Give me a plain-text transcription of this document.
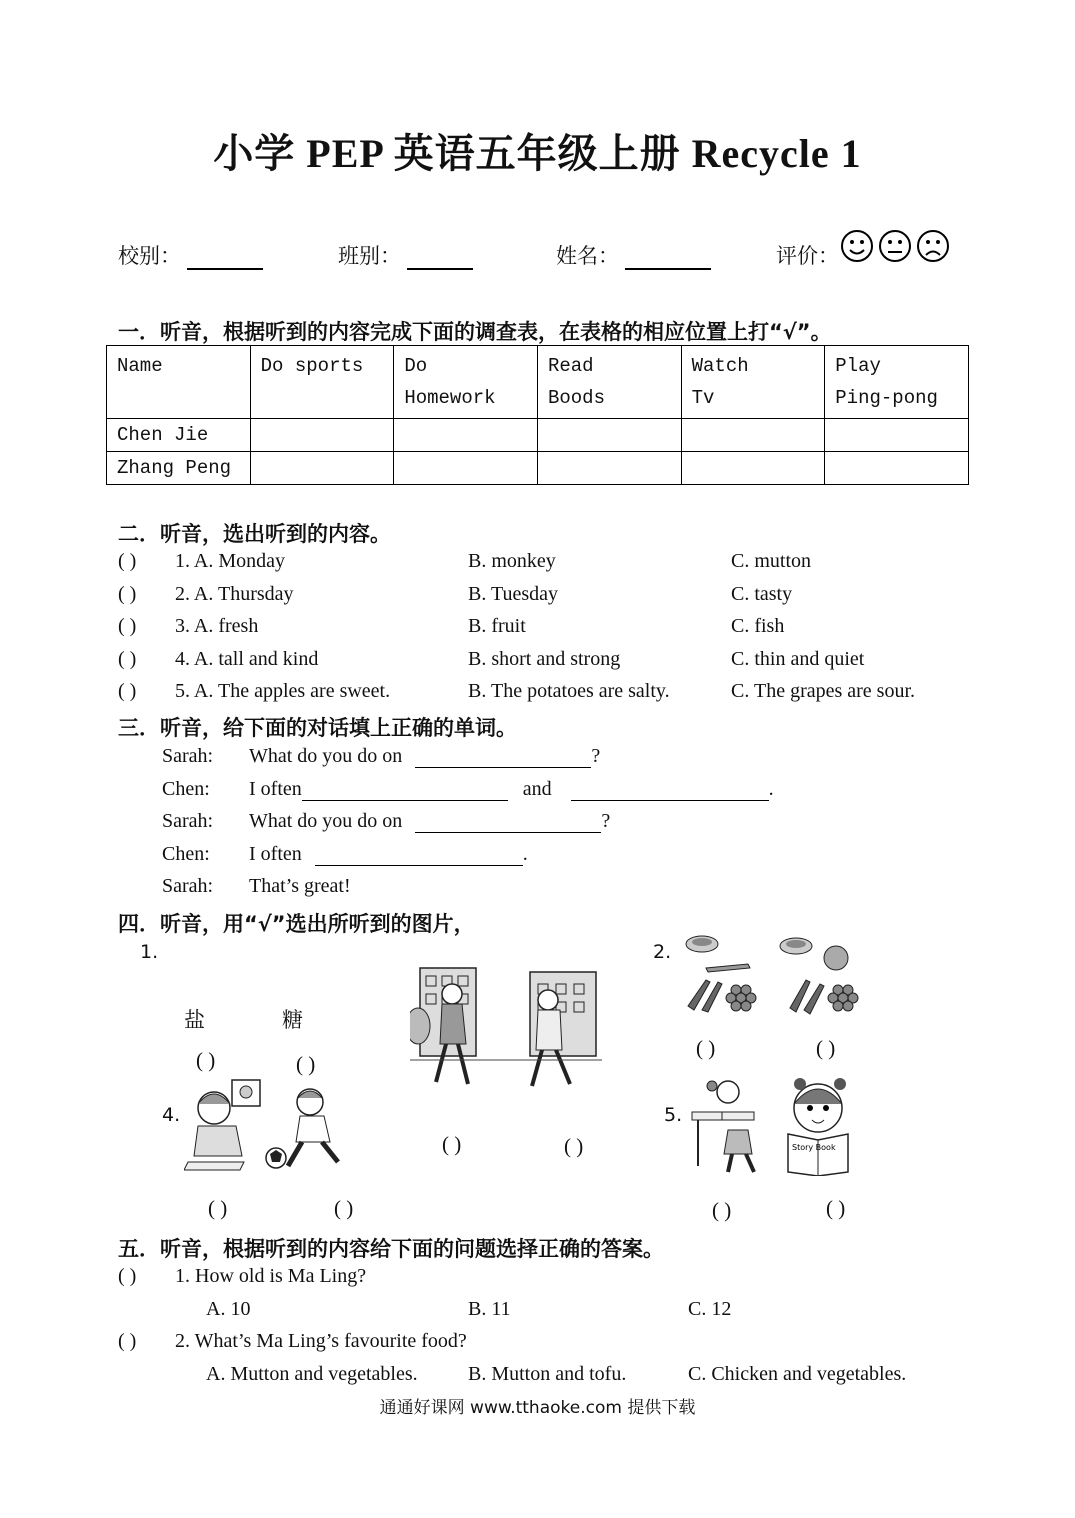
小学 PEP 英语五年级上册 Recycle 1
校别：	班别：	姓名：	评价：
一．听音，根据听到的内容完成下面的调查表，在表格的相应位置上打“√”。
Name	Do sports	Do Homework	Read Boods	Watch Tv	Play Ping-pong
Chen Jie					
Zhang Peng					
二．听音，选出听到的内容。
( ) 1. A. Monday	B. monkey	C. mutton
( ) 2. A. Thursday	B. Tuesday	C. tasty
( ) 3. A. fresh	B. fruit	C. fish
( ) 4. A. tall and kind	B. short and strong	C. thin and quiet
( ) 5. A. The apples are sweet.	B. The potatoes are salty.	C. The grapes are sour.
三．听音，给下面的对话填上正确的单词。
Sarah: What do you do on	?
Chen: I often	and	.
Sarah: What do you do on	?
Chen: I often	.
Sarah: That’s great!
四．听音，用“√”选出所听到的图片，
1.
盐	糖
( )	( )
( )	( )
2.
( )	( )
4.
( )	( )
5.
Story Book
( )	( )
五．听音，根据听到的内容给下面的问题选择正确的答案。
( ) 1. How old is Ma Ling?
A. 10	B. 11	C. 12
( ) 2. What’s Ma Ling’s favourite food?
A. Mutton and vegetables.	B. Mutton and tofu.	C. Chicken and vegetables.
通通好课网 www.tthaoke.com 提供下载
